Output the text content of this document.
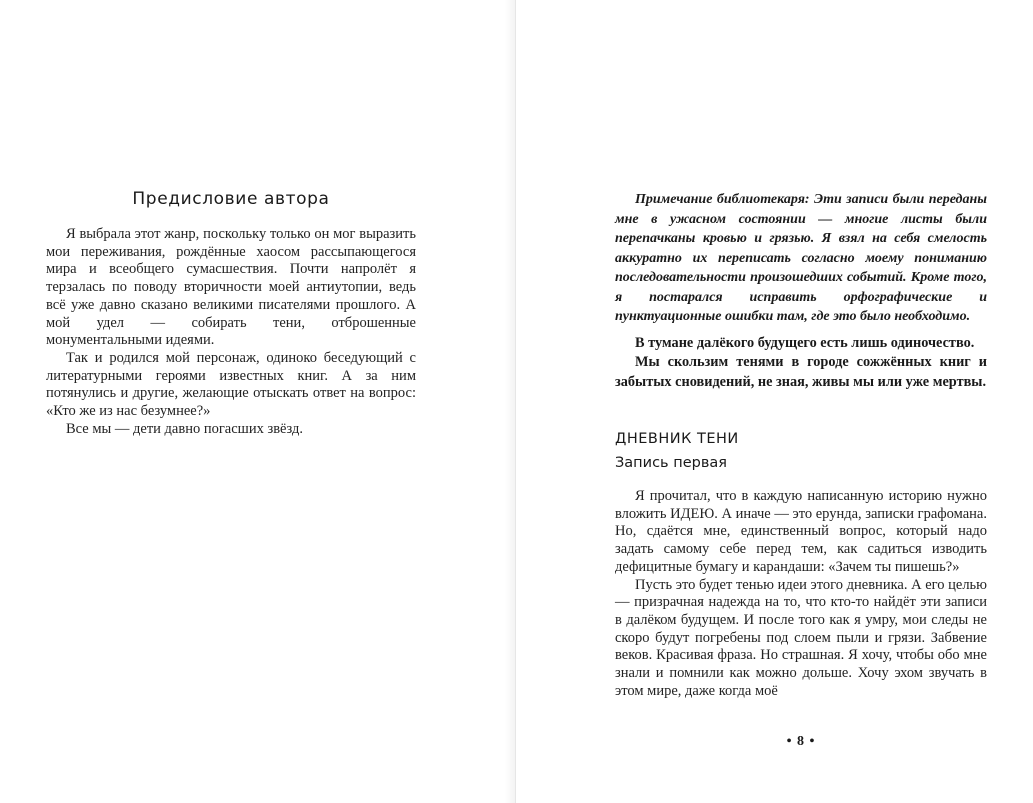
Предисловие автора

Я выбрала этот жанр, поскольку только он мог выразить мои переживания, рождённые хаосом рассыпающегося мира и всеобщего сумасшествия. Почти напролёт я терзалась по поводу вторичности моей антиутопии, ведь всё уже давно сказано великими писателями прошлого. А мой удел — собирать тени, отброшенные монументальными идеями.

Так и родился мой персонаж, одиноко беседующий с литературными героями известных книг. А за ним потянулись и другие, желающие отыскать ответ на вопрос: «Кто же из нас безумнее?»

Все мы — дети давно погасших звёзд.

Примечание библиотекаря: Эти записи были переданы мне в ужасном состоянии — многие листы были перепачканы кровью и грязью. Я взял на себя смелость аккуратно их переписать согласно моему пониманию последовательности произошедших событий. Кроме того, я постарался исправить орфографические и пунктуационные ошибки там, где это было необходимо.

В тумане далёкого будущего есть лишь одиночество.

Мы скользим тенями в городе сожжённых книг и забытых сновидений, не зная, живы мы или уже мертвы.

ДНЕВНИК ТЕНИ
Запись первая

Я прочитал, что в каждую написанную историю нужно вложить ИДЕЮ. А иначе — это ерунда, записки графомана. Но, сдаётся мне, единственный вопрос, который надо задать самому себе перед тем, как садиться изводить дефицитные бумагу и карандаши: «Зачем ты пишешь?»

Пусть это будет тенью идеи этого дневника. А его целью — призрачная надежда на то, что кто-то найдёт эти записи в далёком будущем. И после того как я умру, мои следы не скоро будут погребены под слоем пыли и грязи. Забвение веков. Красивая фраза. Но страшная. Я хочу, чтобы обо мне знали и помнили как можно дольше. Хочу эхом звучать в этом мире, даже когда моё

• 8 •
